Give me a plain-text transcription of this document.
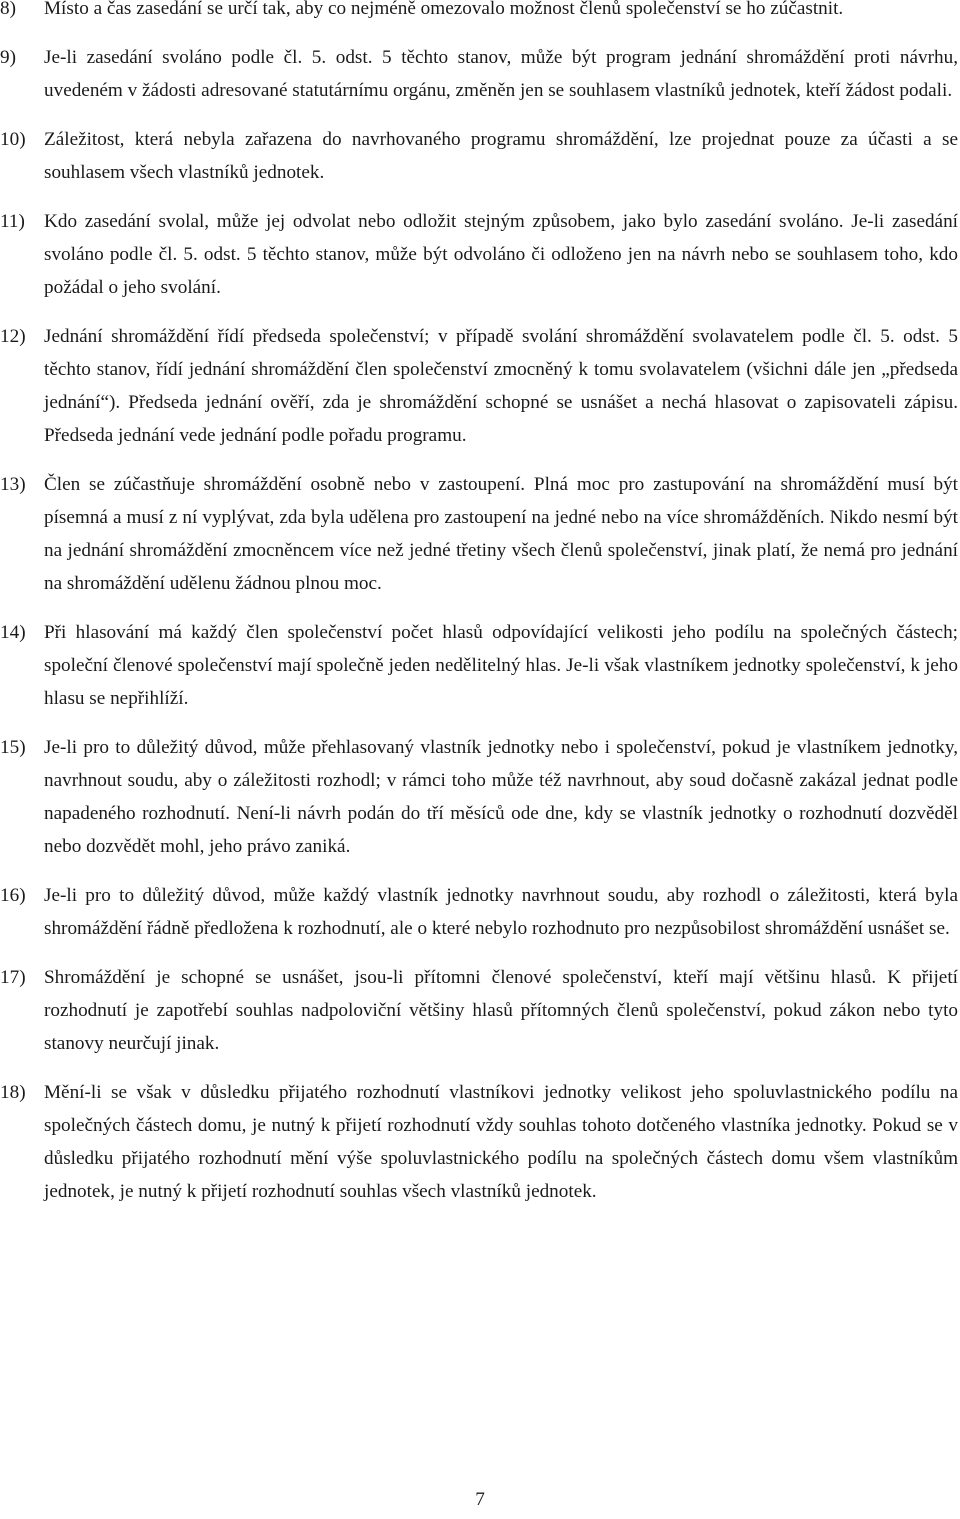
8)	Místo a čas zasedání se určí tak, aby co nejméně omezovalo možnost členů společenství se ho zúčastnit.
9)	Je-li zasedání svoláno podle čl. 5. odst. 5 těchto stanov, může být program jednání shromáždění proti návrhu, uvedeném v žádosti adresované statutárnímu orgánu, změněn jen se souhlasem vlastníků jednotek, kteří žádost podali.
10) Záležitost, která nebyla zařazena do navrhovaného programu shromáždění, lze projednat pouze za účasti a se souhlasem všech vlastníků jednotek.
11) Kdo zasedání svolal, může jej odvolat nebo odložit stejným způsobem, jako bylo zasedání svoláno. Je-li zasedání svoláno podle čl. 5. odst. 5 těchto stanov, může být odvoláno či odloženo jen na návrh nebo se souhlasem toho, kdo požádal o jeho svolání.
12) Jednání shromáždění řídí předseda společenství; v případě svolání shromáždění svolavatelem podle čl. 5. odst. 5 těchto stanov, řídí jednání shromáždění člen společenství zmocněný k tomu svolavatelem (všichni dále jen „předseda jednání“). Předseda jednání ověří, zda je shromáždění schopné se usnášet a nechá hlasovat o zapisovateli zápisu. Předseda jednání vede jednání podle pořadu programu.
13) Člen se zúčastňuje shromáždění osobně nebo v zastoupení. Plná moc pro zastupování na shromáždění musí být písemná a musí z ní vyplývat, zda byla udělena pro zastoupení na jedné nebo na více shromážděních. Nikdo nesmí být na jednání shromáždění zmocněncem více než jedné třetiny všech členů společenství, jinak platí, že nemá pro jednání na shromáždění udělenu žádnou plnou moc.
14) Při hlasování má každý člen společenství počet hlasů odpovídající velikosti jeho podílu na společných částech; společní členové společenství mají společně jeden nedělitelný hlas. Je-li však vlastníkem jednotky společenství, k jeho hlasu se nepřihlíží.
15) Je-li pro to důležitý důvod, může přehlasovaný vlastník jednotky nebo i společenství, pokud je vlastníkem jednotky, navrhnout soudu, aby o záležitosti rozhodl; v rámci toho může též navrhnout, aby soud dočasně zakázal jednat podle napadeného rozhodnutí. Není-li návrh podán do tří měsíců ode dne, kdy se vlastník jednotky o rozhodnutí dozvěděl nebo dozvědět mohl, jeho právo zaniká.
16) Je-li pro to důležitý důvod, může každý vlastník jednotky navrhnout soudu, aby rozhodl o záležitosti, která byla shromáždění řádně předložena k rozhodnutí, ale o které nebylo rozhodnuto pro nezpůsobilost shromáždění usnášet se.
17) Shromáždění je schopné se usnášet, jsou-li přítomni členové společenství, kteří mají většinu hlasů. K přijetí rozhodnutí je zapotřebí souhlas nadpoloviční většiny hlasů přítomných členů společenství, pokud zákon nebo tyto stanovy neurčují jinak.
18) Mění-li se však v důsledku přijatého rozhodnutí vlastníkovi jednotky velikost jeho spoluvlastnického podílu na společných částech domu, je nutný k přijetí rozhodnutí vždy souhlas tohoto dotčeného vlastníka jednotky. Pokud se v důsledku přijatého rozhodnutí mění výše spoluvlastnického podílu na společných částech domu všem vlastníkům jednotek, je nutný k přijetí rozhodnutí souhlas všech vlastníků jednotek.
7
